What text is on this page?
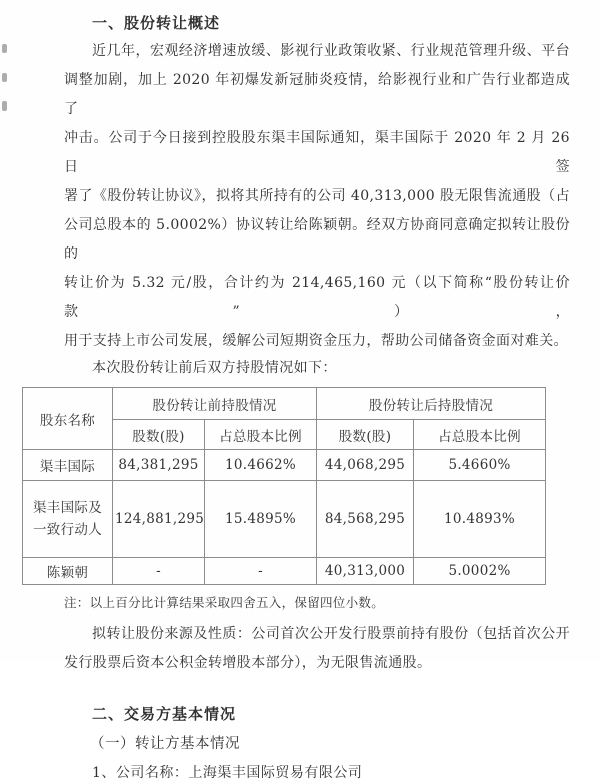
一、股份转让概述
近几年，宏观经济增速放缓、影视行业政策收紧、行业规范管理升级、平台
调整加剧，加上 2020 年初爆发新冠肺炎疫情，给影视行业和广告行业都造成了
冲击。公司于今日接到控股股东渠丰国际通知，渠丰国际于 2020 年 2 月 26 日签
署了《股份转让协议》，拟将其所持有的公司 40,313,000 股无限售流通股（占
公司总股本的 5.0002%）协议转让给陈颖朝。经双方协商同意确定拟转让股份的
转让价为 5.32 元/股，合计约为 214,465,160 元（以下简称“股份转让价款”），
用于支持上市公司发展，缓解公司短期资金压力，帮助公司储备资金面对难关。
本次股份转让前后双方持股情况如下：
股东名称	股份转让前持股情况		股份转让后持股情况	
	股数(股)	占总股本比例	股数(股)	占总股本比例
渠丰国际	84,381,295	10.4662%	44,068,295	5.4660%

渠丰国际及
一致行动人	124,881,295	15.4895%	84,568,295	10.4893%
陈颖朝	-	-	40,313,000	5.0002%
注：以上百分比计算结果采取四舍五入，保留四位小数。
拟转让股份来源及性质：公司首次公开发行股票前持有股份（包括首次公开
发行股票后资本公积金转增股本部分），为无限售流通股。
二、交易方基本情况
（一）转让方基本情况
1、公司名称：上海渠丰国际贸易有限公司
